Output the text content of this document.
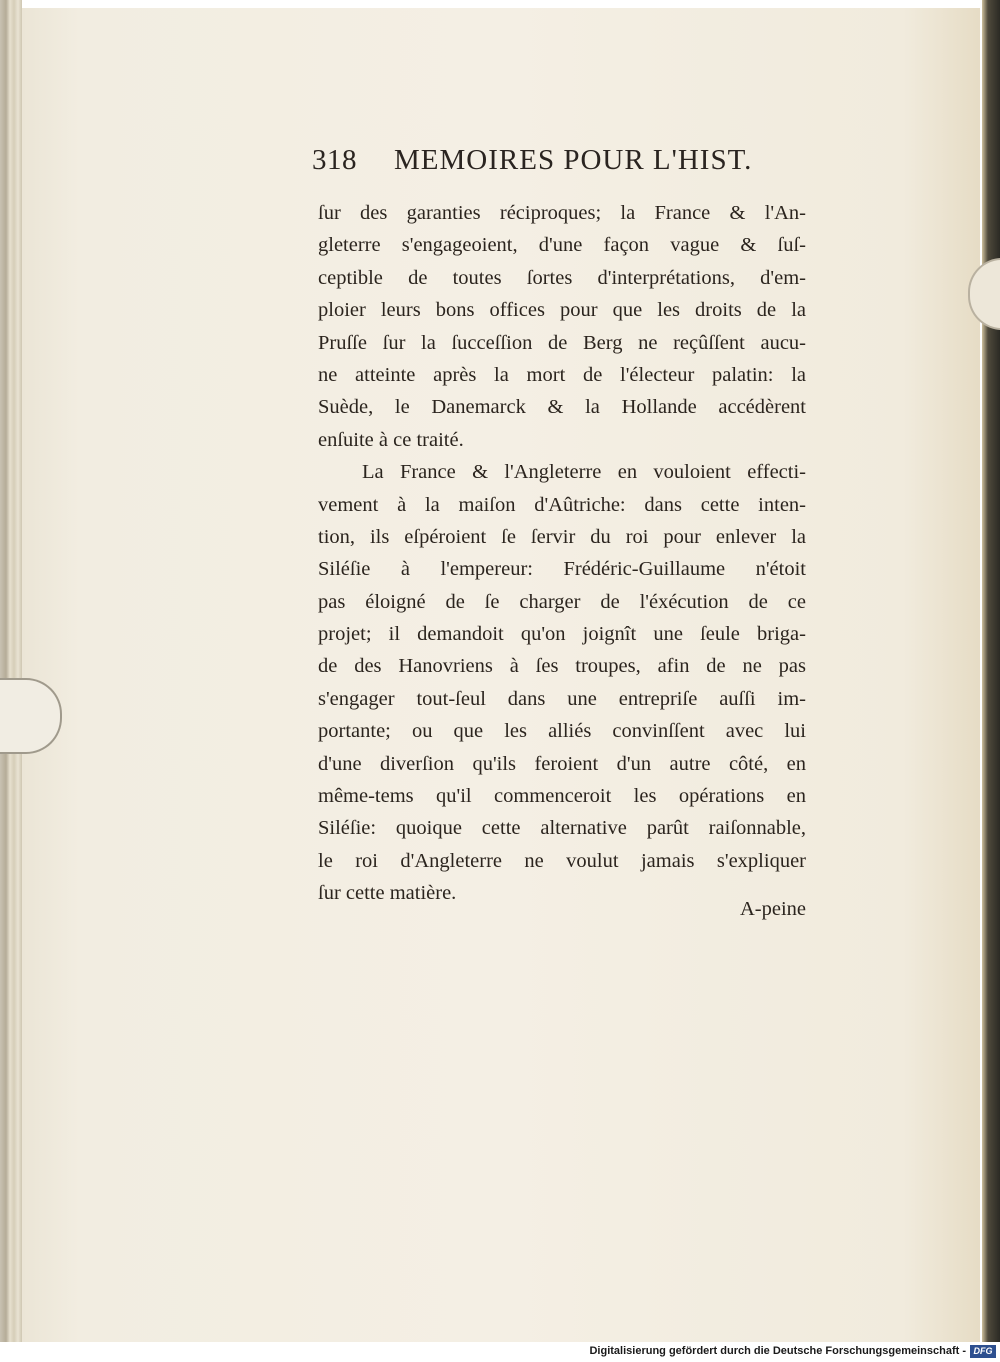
318 MEMOIRES POUR L'HIST.
ſur des garanties réciproques; la France & l'An-
gleterre s'engageoient, d'une façon vague & ſuſ-
ceptible de toutes ſortes d'interprétations, d'em-
ploier leurs bons offices pour que les droits de la
Pruſſe ſur la ſucceſſion de Berg ne reçûſſent aucu-
ne atteinte après la mort de l'électeur palatin: la
Suède, le Danemarck & la Hollande accédèrent
enſuite à ce traité.
La France & l'Angleterre en vouloient effecti-
vement à la maiſon d'Aûtriche: dans cette inten-
tion, ils eſpéroient ſe ſervir du roi pour enlever la
Siléſie à l'empereur: Frédéric-Guillaume n'étoit
pas éloigné de ſe charger de l'éxécution de ce
projet; il demandoit qu'on joignît une ſeule briga-
de des Hanovriens à ſes troupes, afin de ne pas
s'engager tout-ſeul dans une entrepriſe auſſi im-
portante; ou que les alliés convinſſent avec lui
d'une diverſion qu'ils feroient d'un autre côté, en
même-tems qu'il commenceroit les opérations en
Siléſie: quoique cette alternative parût raiſonnable,
le roi d'Angleterre ne voulut jamais s'expliquer
ſur cette matière.
A-peine
Digitalisierung gefördert durch die Deutsche Forschungsgemeinschaft - DFG
